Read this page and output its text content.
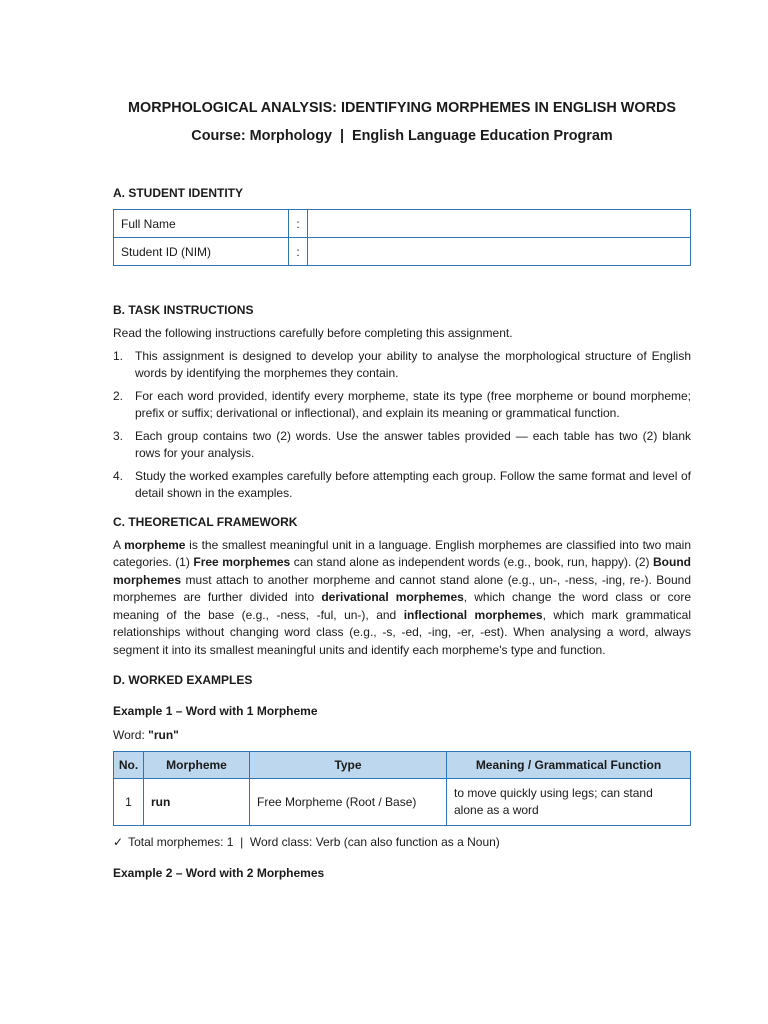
MORPHOLOGICAL ANALYSIS: IDENTIFYING MORPHEMES IN ENGLISH WORDS

Course: Morphology  |  English Language Education Program

A. STUDENT IDENTITY

Full Name	:	
Student ID (NIM)	:	

B. TASK INSTRUCTIONS

Read the following instructions carefully before completing this assignment.

1. This assignment is designed to develop your ability to analyse the morphological structure of English words by identifying the morphemes they contain.
2. For each word provided, identify every morpheme, state its type (free morpheme or bound morpheme; prefix or suffix; derivational or inflectional), and explain its meaning or grammatical function.
3. Each group contains two (2) words. Use the answer tables provided — each table has two (2) blank rows for your analysis.
4. Study the worked examples carefully before attempting each group. Follow the same format and level of detail shown in the examples.

C. THEORETICAL FRAMEWORK

A morpheme is the smallest meaningful unit in a language. English morphemes are classified into two main categories. (1) Free morphemes can stand alone as independent words (e.g., book, run, happy). (2) Bound morphemes must attach to another morpheme and cannot stand alone (e.g., un-, -ness, -ing, re-). Bound morphemes are further divided into derivational morphemes, which change the word class or core meaning of the base (e.g., -ness, -ful, un-), and inflectional morphemes, which mark grammatical relationships without changing word class (e.g., -s, -ed, -ing, -er, -est). When analysing a word, always segment it into its smallest meaningful units and identify each morpheme's type and function.

D. WORKED EXAMPLES

Example 1 – Word with 1 Morpheme

Word: "run"

No.	Morpheme	Type	Meaning / Grammatical Function
1	run	Free Morpheme (Root / Base)	to move quickly using legs; can stand alone as a word

✓ Total morphemes: 1  |  Word class: Verb (can also function as a Noun)

Example 2 – Word with 2 Morphemes
